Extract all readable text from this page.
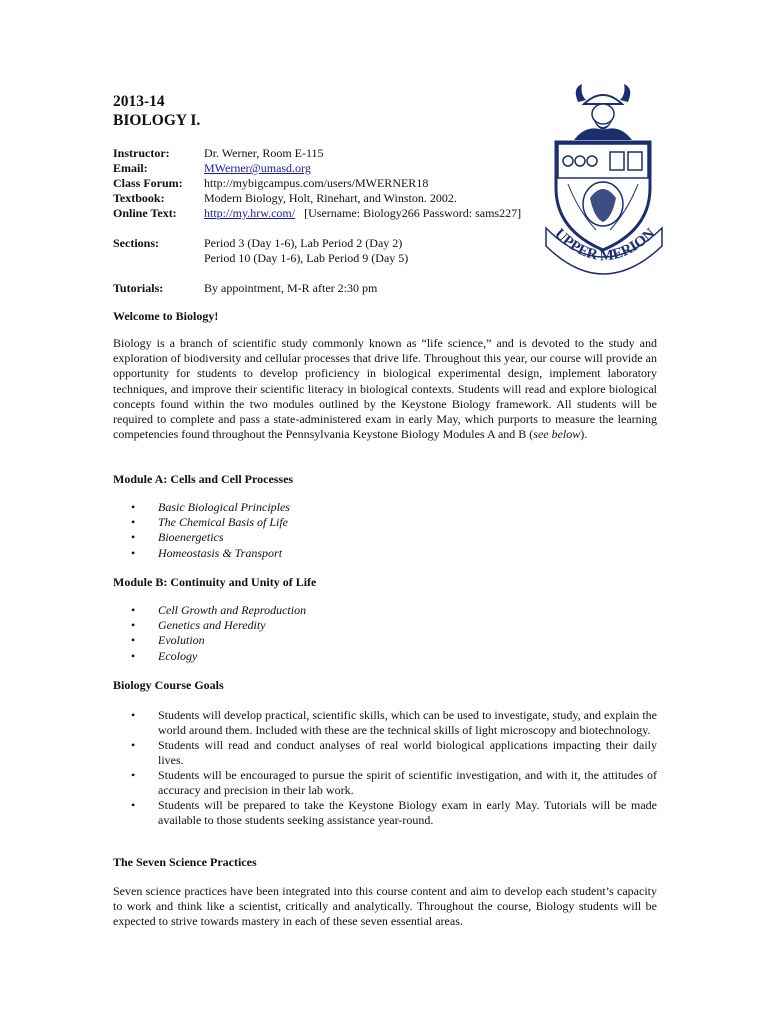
2013-14
BIOLOGY I.
Instructor:	Dr. Werner, Room E-115
Email:	MWerner@umasd.org
Class Forum:	http://mybigcampus.com/users/MWERNER18
Textbook:	Modern Biology, Holt, Rinehart, and Winston. 2002.
Online Text:	http://my.hrw.com/ [Username: Biology266 Password: sams227]
Sections:	Period 3 (Day 1-6), Lab Period 2 (Day 2)
Period 10 (Day 1-6), Lab Period 9 (Day 5)
Tutorials:	By appointment, M-R after 2:30 pm
UPPER MERION
Welcome to Biology!
Biology is a branch of scientific study commonly known as “life science,” and is devoted to the study and exploration of biodiversity and cellular processes that drive life. Throughout this year, our course will provide an opportunity for students to develop proficiency in biological experimental design, implement laboratory techniques, and improve their scientific literacy in biological contexts. Students will read and explore biological concepts found within the two modules outlined by the Keystone Biology framework. All students will be required to complete and pass a state-administered exam in early May, which purports to measure the learning competencies found throughout the Pennsylvania Keystone Biology Modules A and B (see below).
Module A: Cells and Cell Processes
• Basic Biological Principles
• The Chemical Basis of Life
• Bioenergetics
• Homeostasis & Transport
Module B: Continuity and Unity of Life
• Cell Growth and Reproduction
• Genetics and Heredity
• Evolution
• Ecology
Biology Course Goals
• Students will develop practical, scientific skills, which can be used to investigate, study, and explain the world around them. Included with these are the technical skills of light microscopy and biotechnology.
• Students will read and conduct analyses of real world biological applications impacting their daily lives.
• Students will be encouraged to pursue the spirit of scientific investigation, and with it, the attitudes of accuracy and precision in their lab work.
• Students will be prepared to take the Keystone Biology exam in early May. Tutorials will be made available to those students seeking assistance year-round.
The Seven Science Practices
Seven science practices have been integrated into this course content and aim to develop each student’s capacity to work and think like a scientist, critically and analytically. Throughout the course, Biology students will be expected to strive towards mastery in each of these seven essential areas.
